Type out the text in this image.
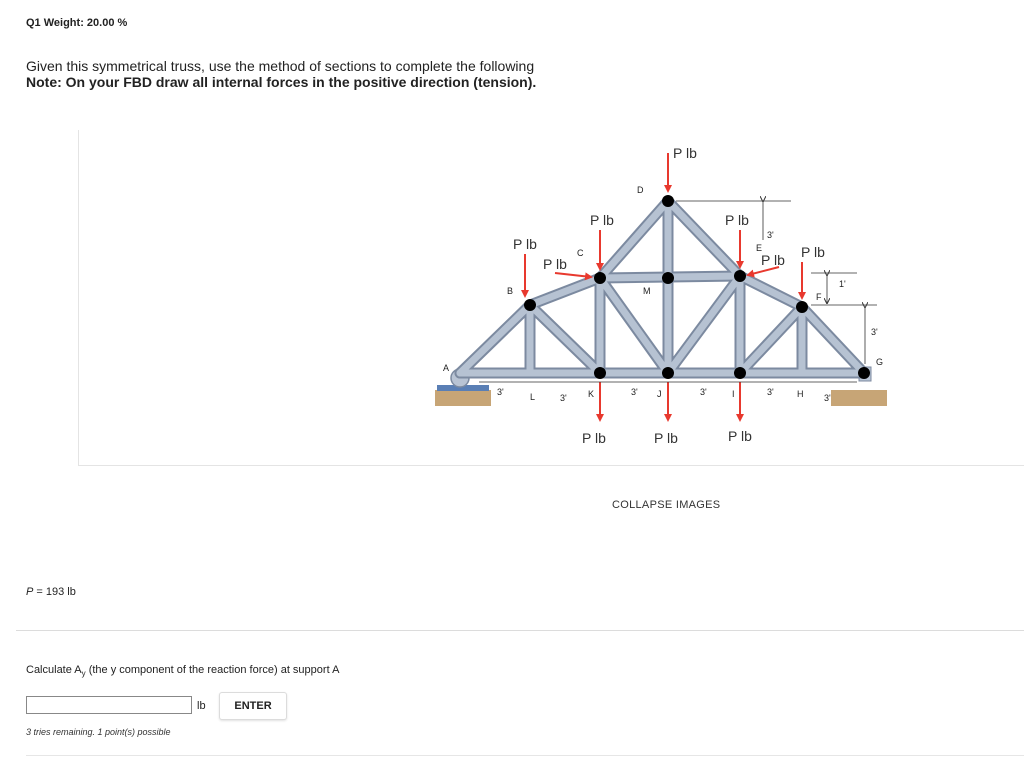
Q1 Weight: 20.00 %
Given this symmetrical truss, use the method of sections to complete the following
Note: On your FBD draw all internal forces in the positive direction (tension).
P lb
P lb	P lb
P lb
P lb	P lb P lb
P lb	P lb	P lb
A
B
C
D
E
F
G
H
I
J
K
L
M
3'
3'
3'	3'	3'
3'
3'
1'
3'
COLLAPSE IMAGES
P = 193 lb
Calculate $A_y$ (the y component of the reaction force) at support A
lb	ENTER
3 tries remaining. 1 point(s) possible
